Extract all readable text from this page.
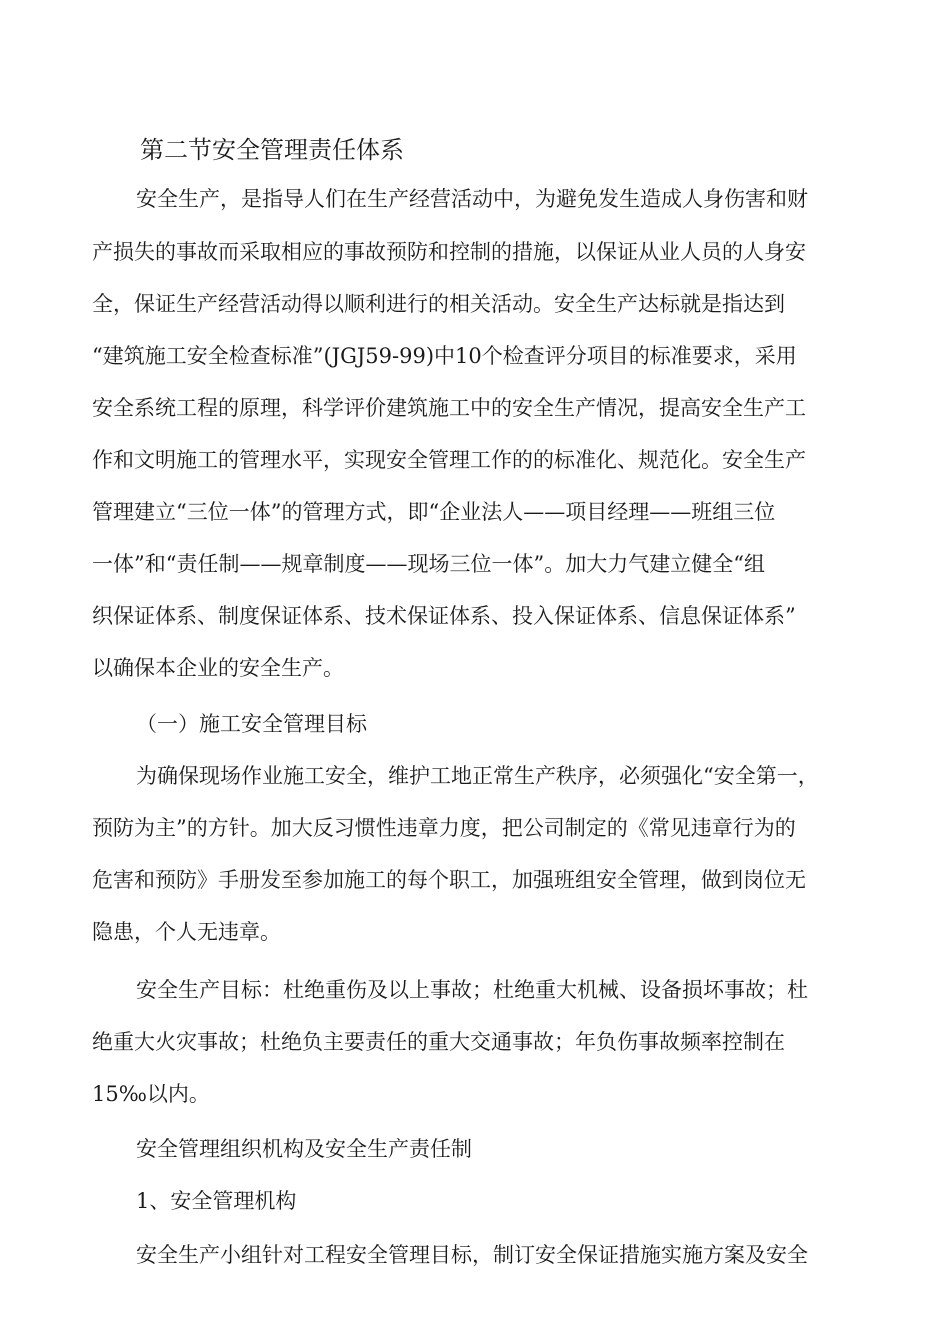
第二节安全管理责任体系
安全生产，是指导人们在生产经营活动中，为避免发生造成人身伤害和财
产损失的事故而采取相应的事故预防和控制的措施，以保证从业人员的人身安
全，保证生产经营活动得以顺利进行的相关活动。安全生产达标就是指达到
“建筑施工安全检查标准”(JGJ59-99)中10个检查评分项目的标准要求，采用
安全系统工程的原理，科学评价建筑施工中的安全生产情况，提高安全生产工
作和文明施工的管理水平，实现安全管理工作的的标准化、规范化。安全生产
管理建立“三位一体”的管理方式，即“企业法人——项目经理——班组三位
一体”和“责任制——规章制度——现场三位一体”。加大力气建立健全“组
织保证体系、制度保证体系、技术保证体系、投入保证体系、信息保证体系”
以确保本企业的安全生产。
（一）施工安全管理目标
为确保现场作业施工安全，维护工地正常生产秩序，必须强化“安全第一，
预防为主”的方针。加大反习惯性违章力度，把公司制定的《常见违章行为的
危害和预防》手册发至参加施工的每个职工，加强班组安全管理，做到岗位无
隐患，个人无违章。
安全生产目标：杜绝重伤及以上事故；杜绝重大机械、设备损坏事故；杜
绝重大火灾事故；杜绝负主要责任的重大交通事故；年负伤事故频率控制在
15‰以内。
安全管理组织机构及安全生产责任制
1、安全管理机构
安全生产小组针对工程安全管理目标，制订安全保证措施实施方案及安全
